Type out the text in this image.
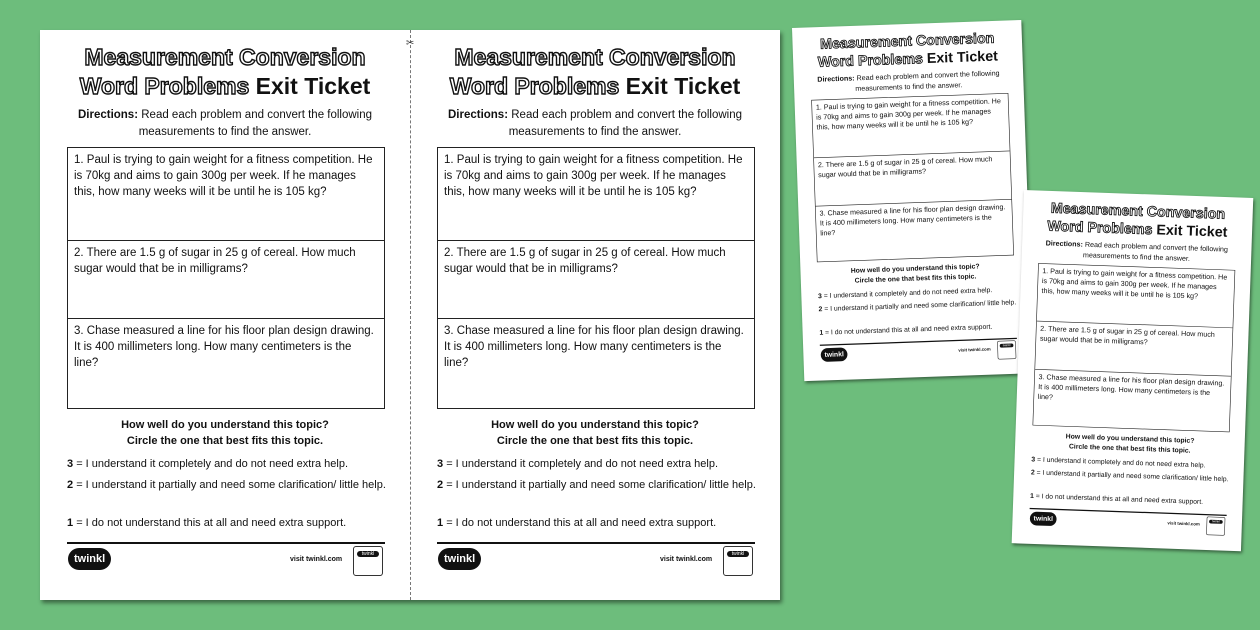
Measurement Conversion
Word Problems Exit Ticket
Directions: Read each problem and convert the following measurements to find the answer.
1. Paul is trying to gain weight for a fitness competition. He is 70kg and aims to gain 300g per week. If he manages this, how many weeks will it be until he is 105 kg?
2. There are 1.5 g of sugar in 25 g of cereal. How much sugar would that be in milligrams?
3. Chase measured a line for his floor plan design drawing. It is 400 millimeters long. How many centimeters is the line?
How well do you understand this topic?
Circle the one that best fits this topic.
3 = I understand it completely and do not need extra help.
2 = I understand it partially and need some clarification/ little help.
1 = I do not understand this at all and need extra support.
twinkl
visit twinkl.com
twinkl
Measurement Conversion
Word Problems Exit Ticket
Directions: Read each problem and convert the following measurements to find the answer.
1. Paul is trying to gain weight for a fitness competition. He is 70kg and aims to gain 300g per week. If he manages this, how many weeks will it be until he is 105 kg?
2. There are 1.5 g of sugar in 25 g of cereal. How much sugar would that be in milligrams?
3. Chase measured a line for his floor plan design drawing. It is 400 millimeters long. How many centimeters is the line?
How well do you understand this topic?
Circle the one that best fits this topic.
3 = I understand it completely and do not need extra help.
2 = I understand it partially and need some clarification/ little help.
1 = I do not understand this at all and need extra support.
twinkl
visit twinkl.com	twinkl
Measurement Conversion
Word Problems Exit Ticket
Directions: Read each problem and convert the following measurements to find the answer.
1. Paul is trying to gain weight for a fitness competition. He is 70kg and aims to gain 300g per week. If he manages this, how many weeks will it be until he is 105 kg?
2. There are 1.5 g of sugar in 25 g of cereal. How much sugar would that be in milligrams?
3. Chase measured a line for his floor plan design drawing. It is 400 millimeters long. How many centimeters is the line?
How well do you understand this topic?
Circle the one that best fits this topic.
3 = I understand it completely and do not need extra help.
2 = I understand it partially and need some clarification/ little help.
1 = I do not understand this at all and need extra support.
twinkl	visit twinkl.com
twinkl
Measurement Conversion
Word Problems Exit Ticket
Directions: Read each problem and convert the following measurements to find the answer.
1. Paul is trying to gain weight for a fitness competition. He is 70kg and aims to gain 300g per week. If he manages this, how many weeks will it be until he is 105 kg?
2. There are 1.5 g of sugar in 25 g of cereal. How much sugar would that be in milligrams?
3. Chase measured a line for his floor plan design drawing. It is 400 millimeters long. How many centimeters is the line?
How well do you understand this topic?
Circle the one that best fits this topic.
3 = I understand it completely and do not need extra help.
2 = I understand it partially and need some clarification/ little help.
1 = I do not understand this at all and need extra support.
twinkl	visit twinkl.com
twinkl
✂
